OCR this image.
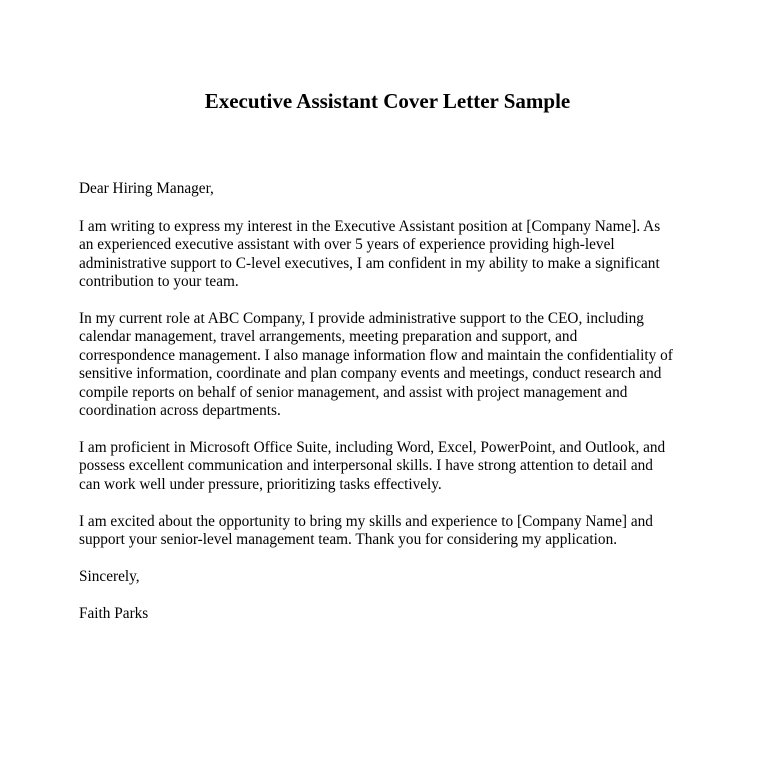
Executive Assistant Cover Letter Sample

Dear Hiring Manager,

I am writing to express my interest in the Executive Assistant position at [Company Name]. As
an experienced executive assistant with over 5 years of experience providing high-level
administrative support to C-level executives, I am confident in my ability to make a significant
contribution to your team.

In my current role at ABC Company, I provide administrative support to the CEO, including
calendar management, travel arrangements, meeting preparation and support, and
correspondence management. I also manage information flow and maintain the confidentiality of
sensitive information, coordinate and plan company events and meetings, conduct research and
compile reports on behalf of senior management, and assist with project management and
coordination across departments.

I am proficient in Microsoft Office Suite, including Word, Excel, PowerPoint, and Outlook, and
possess excellent communication and interpersonal skills. I have strong attention to detail and
can work well under pressure, prioritizing tasks effectively.

I am excited about the opportunity to bring my skills and experience to [Company Name] and
support your senior-level management team. Thank you for considering my application.

Sincerely,

Faith Parks
